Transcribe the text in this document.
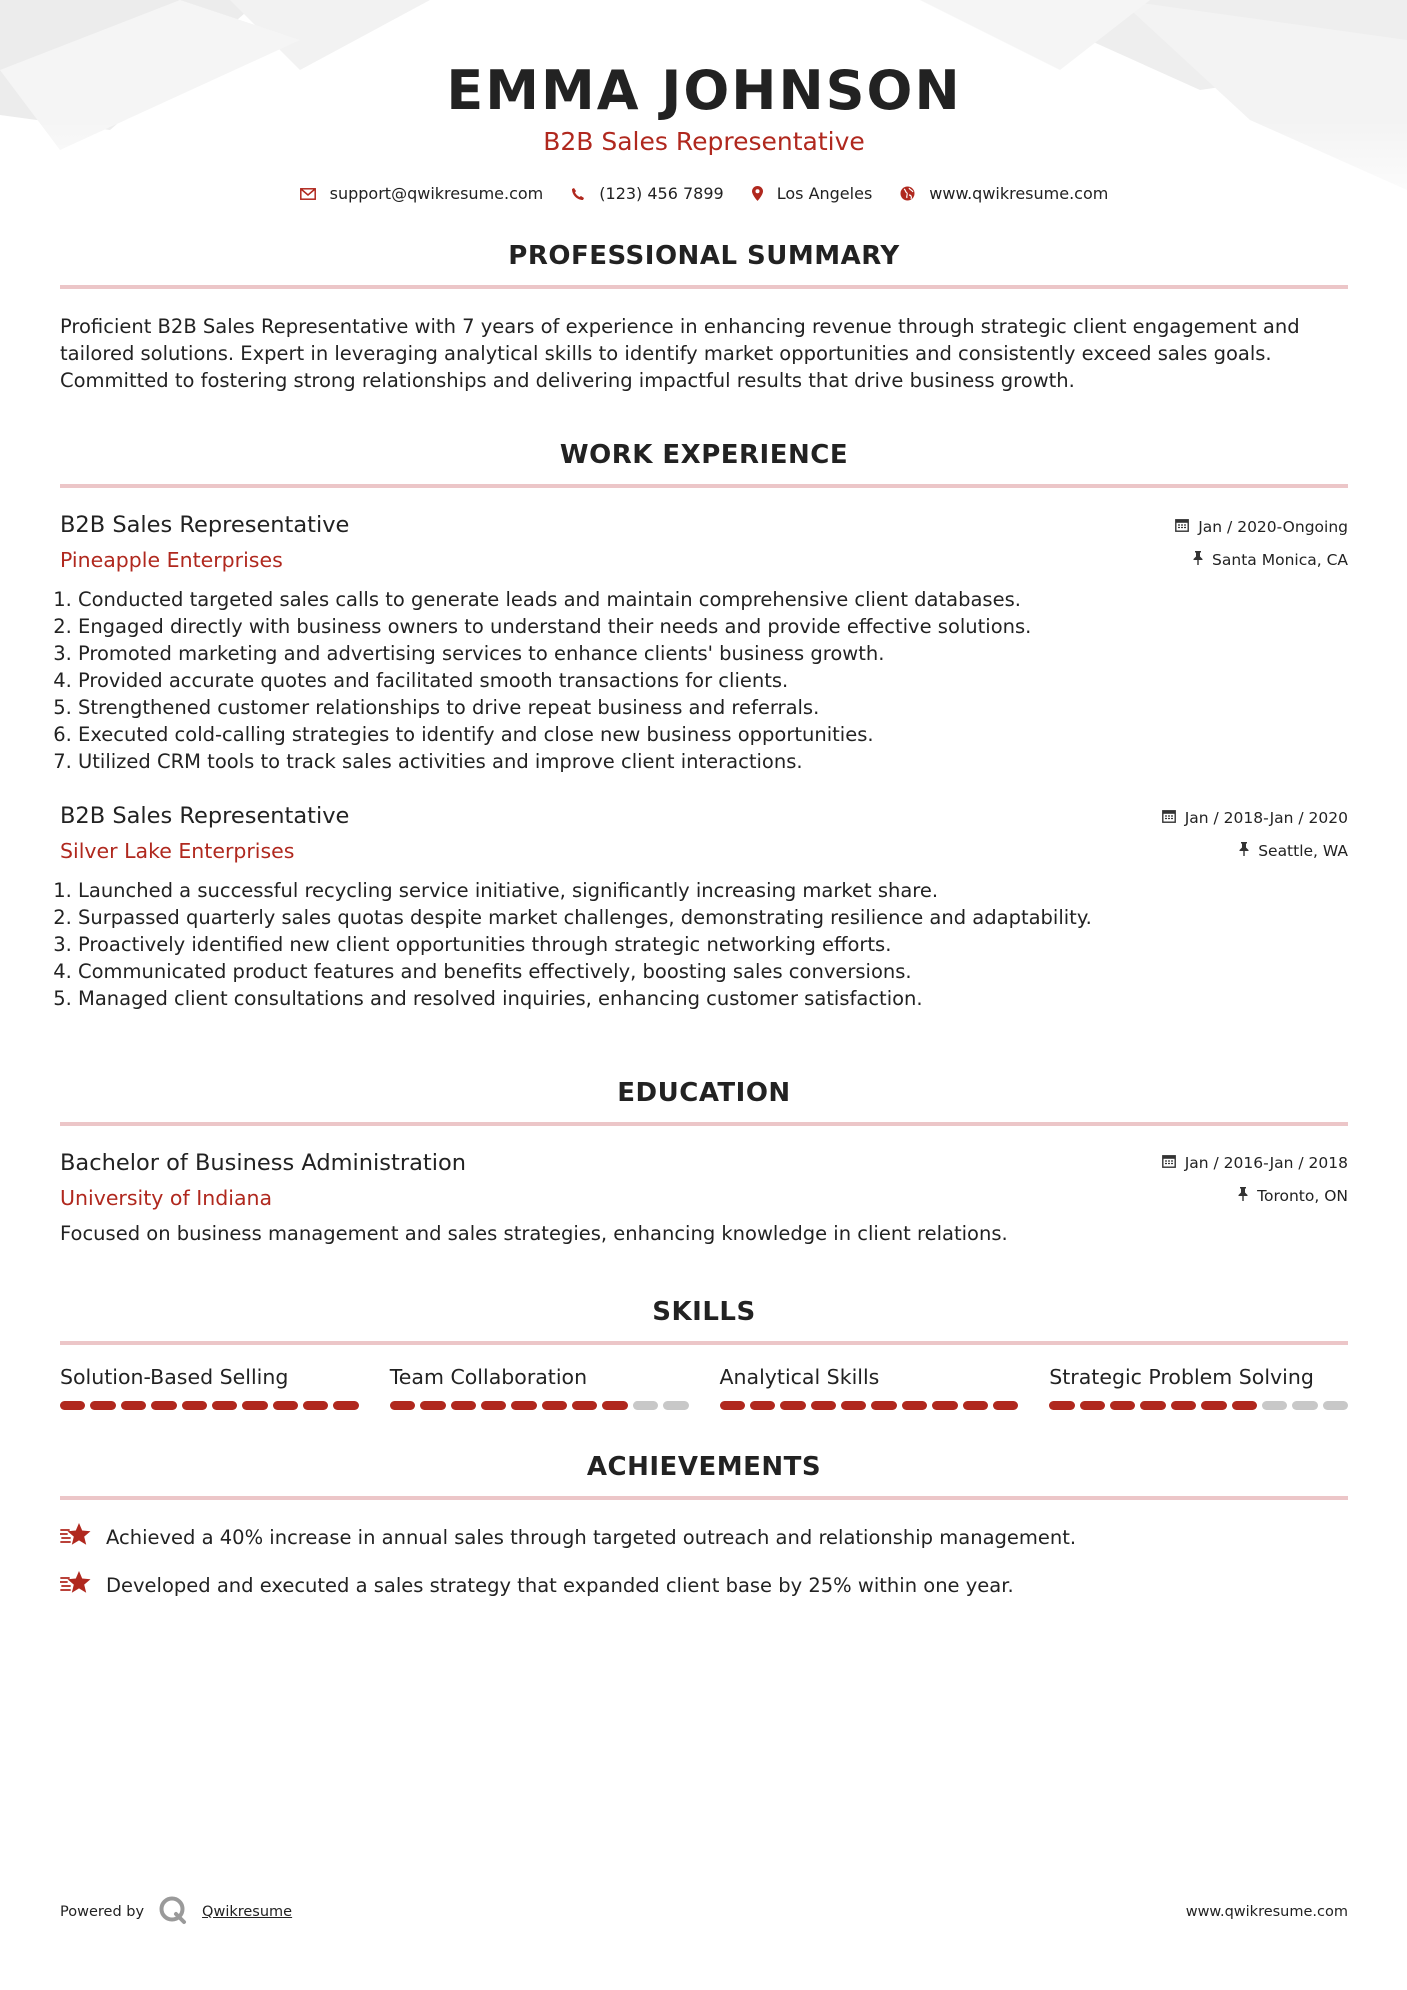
EMMA JOHNSON
B2B Sales Representative
support@qwikresume.com	(123) 456 7899	Los Angeles	www.qwikresume.com
PROFESSIONAL SUMMARY
Proficient B2B Sales Representative with 7 years of experience in enhancing revenue through strategic client engagement and
tailored solutions. Expert in leveraging analytical skills to identify market opportunities and consistently exceed sales goals.
Committed to fostering strong relationships and delivering impactful results that drive business growth.
WORK EXPERIENCE
B2B Sales Representative
Pineapple Enterprises
Jan / 2020-Ongoing
Santa Monica, CA
1. Conducted targeted sales calls to generate leads and maintain comprehensive client databases.
2. Engaged directly with business owners to understand their needs and provide effective solutions.
3. Promoted marketing and advertising services to enhance clients' business growth.
4. Provided accurate quotes and facilitated smooth transactions for clients.
5. Strengthened customer relationships to drive repeat business and referrals.
6. Executed cold-calling strategies to identify and close new business opportunities.
7. Utilized CRM tools to track sales activities and improve client interactions.
B2B Sales Representative
Silver Lake Enterprises
Jan / 2018-Jan / 2020
Seattle, WA
1. Launched a successful recycling service initiative, significantly increasing market share.
2. Surpassed quarterly sales quotas despite market challenges, demonstrating resilience and adaptability.
3. Proactively identified new client opportunities through strategic networking efforts.
4. Communicated product features and benefits effectively, boosting sales conversions.
5. Managed client consultations and resolved inquiries, enhancing customer satisfaction.
EDUCATION
Bachelor of Business Administration
University of Indiana
Jan / 2016-Jan / 2018
Toronto, ON
Focused on business management and sales strategies, enhancing knowledge in client relations.
SKILLS
Solution-Based Selling	Team Collaboration	Analytical Skills	Strategic Problem Solving
ACHIEVEMENTS
Achieved a 40% increase in annual sales through targeted outreach and relationship management.
Developed and executed a sales strategy that expanded client base by 25% within one year.
Powered by	Qwikresume	www.qwikresume.com
